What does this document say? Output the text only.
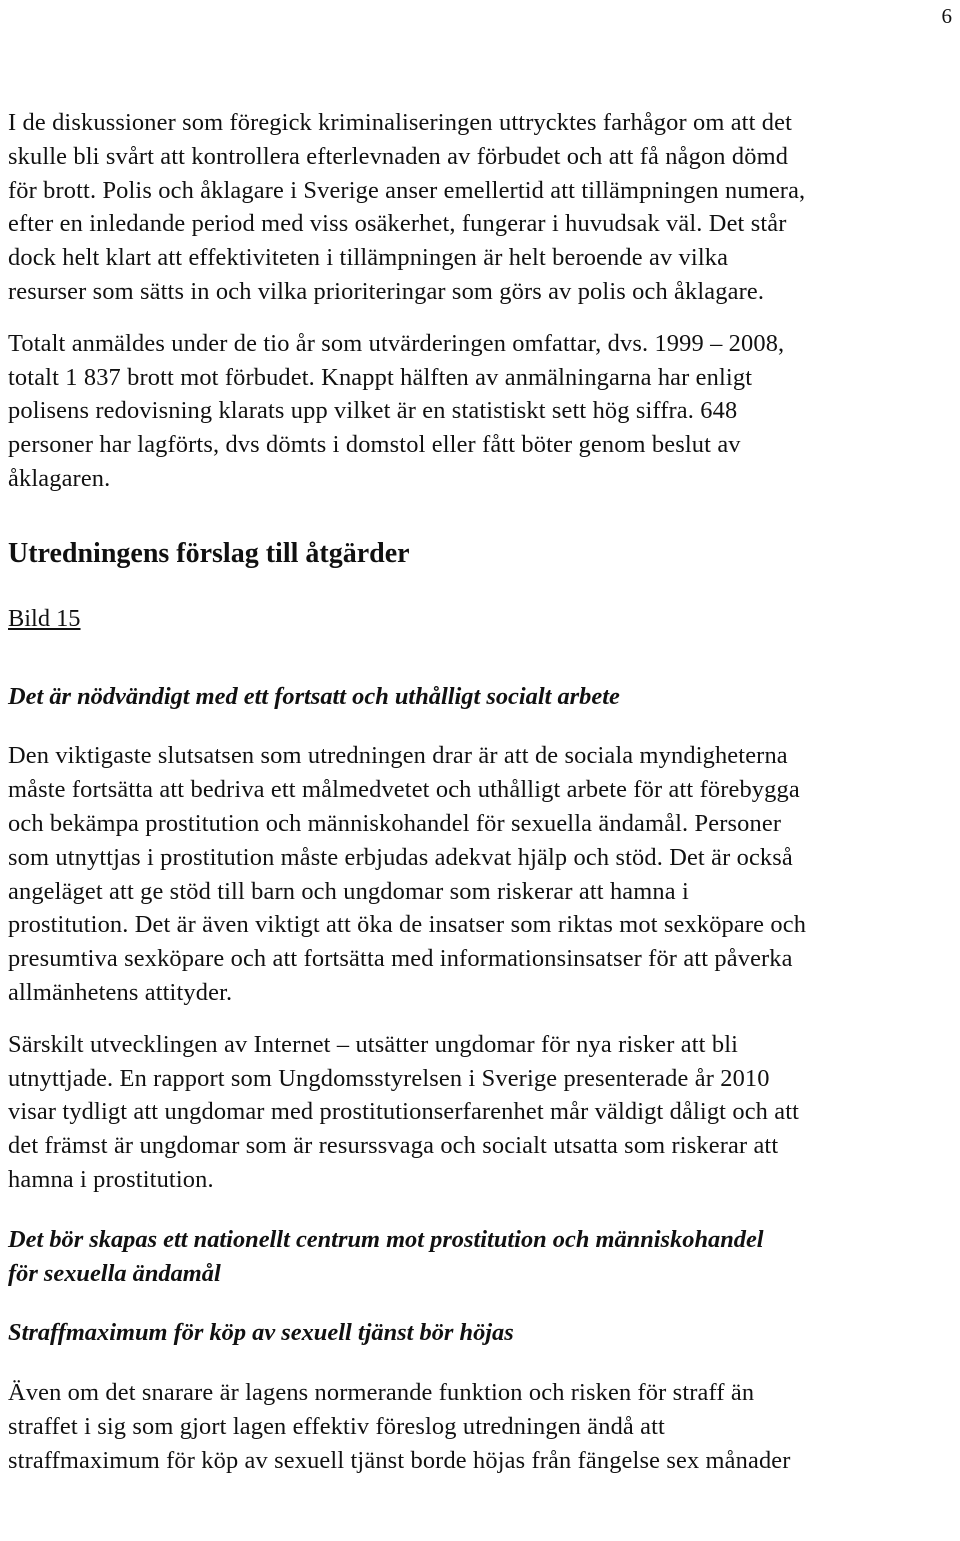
6

I de diskussioner som föregick kriminaliseringen uttrycktes farhågor om att det
skulle bli svårt att kontrollera efterlevnaden av förbudet och att få någon dömd
för brott. Polis och åklagare i Sverige anser emellertid att tillämpningen numera,
efter en inledande period med viss osäkerhet, fungerar i huvudsak väl. Det står
dock helt klart att effektiviteten i tillämpningen är helt beroende av vilka
resurser som sätts in och vilka prioriteringar som görs av polis och åklagare.

Totalt anmäldes under de tio år som utvärderingen omfattar, dvs. 1999 – 2008,
totalt 1 837 brott mot förbudet. Knappt hälften av anmälningarna har enligt
polisens redovisning klarats upp vilket är en statistiskt sett hög siffra. 648
personer har lagförts, dvs dömts i domstol eller fått böter genom beslut av
åklagaren.

Utredningens förslag till åtgärder
Bild 15
Det är nödvändigt med ett fortsatt och uthålligt socialt arbete

Den viktigaste slutsatsen som utredningen drar är att de sociala myndigheterna
måste fortsätta att bedriva ett målmedvetet och uthålligt arbete för att förebygga
och bekämpa prostitution och människohandel för sexuella ändamål. Personer
som utnyttjas i prostitution måste erbjudas adekvat hjälp och stöd. Det är också
angeläget att ge stöd till barn och ungdomar som riskerar att hamna i
prostitution. Det är även viktigt att öka de insatser som riktas mot sexköpare och
presumtiva sexköpare och att fortsätta med informationsinsatser för att påverka
allmänhetens attityder.

Särskilt utvecklingen av Internet – utsätter ungdomar för nya risker att bli
utnyttjade. En rapport som Ungdomsstyrelsen i Sverige presenterade år 2010
visar tydligt att ungdomar med prostitutionserfarenhet mår väldigt dåligt och att
det främst är ungdomar som är resurssvaga och socialt utsatta som riskerar att
hamna i prostitution.

Det bör skapas ett nationellt centrum mot prostitution och människohandel
för sexuella ändamål
Straffmaximum för köp av sexuell tjänst bör höjas

Även om det snarare är lagens normerande funktion och risken för straff än
straffet i sig som gjort lagen effektiv föreslog utredningen ändå att
straffmaximum för köp av sexuell tjänst borde höjas från fängelse sex månader
